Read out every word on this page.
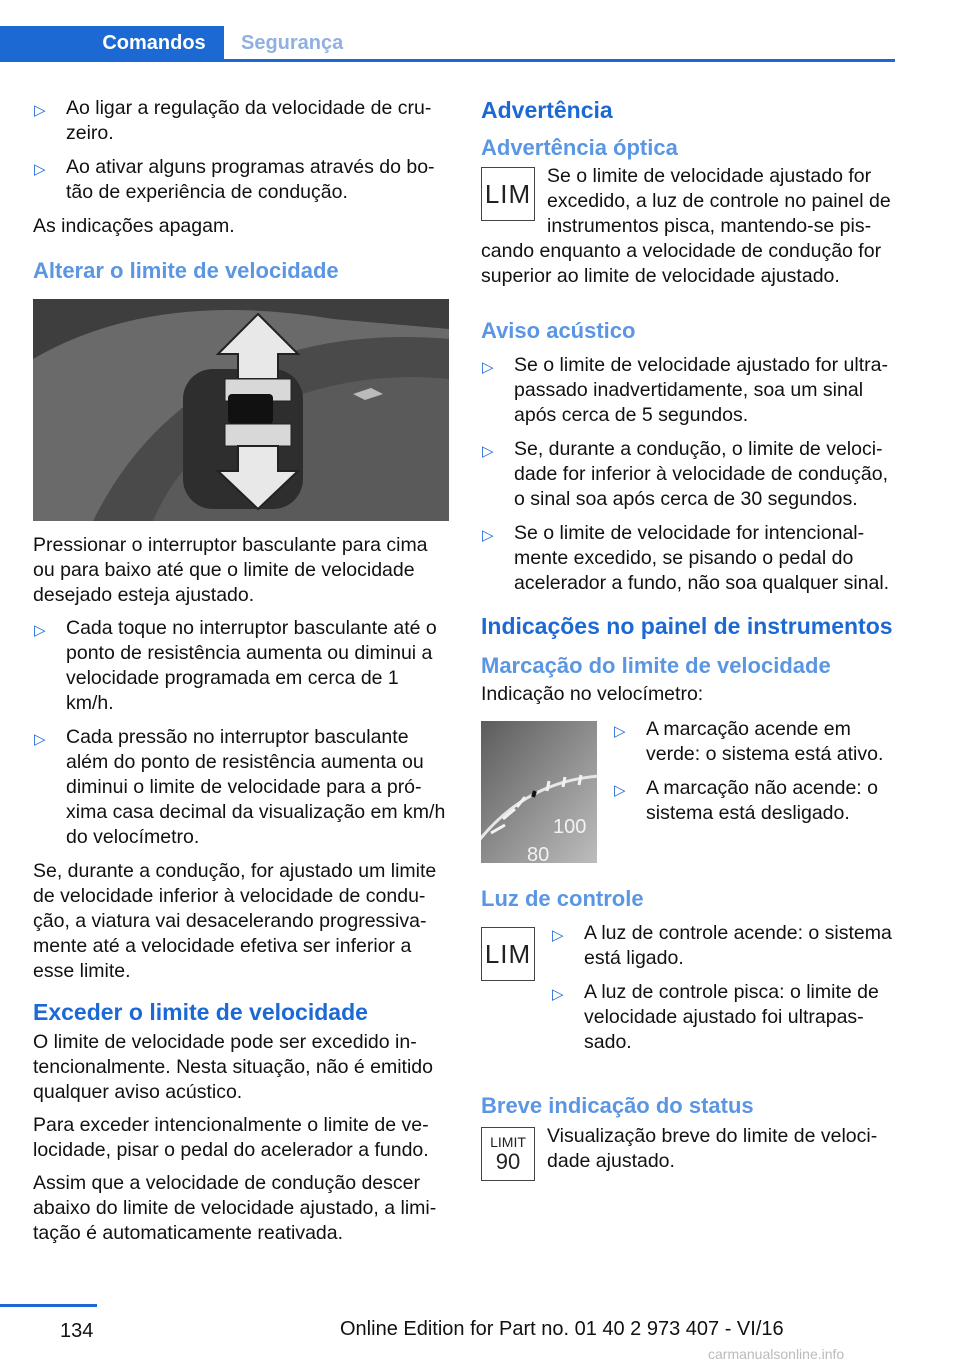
Comandos Segurança
▷ Ao ligar a regulação da velocidade de cru-zeiro.
▷ Ao ativar alguns programas através do bo-tão de experiência de condução.

As indicações apagam.

Alterar o limite de velocidade

Pressionar o interruptor basculante para cima ou para baixo até que o limite de velocidade desejado esteja ajustado.

▷ Cada toque no interruptor basculante até o ponto de resistência aumenta ou diminui a velocidade programada em cerca de 1 km/h.
▷ Cada pressão no interruptor basculante além do ponto de resistência aumenta ou diminui o limite de velocidade para a pró-xima casa decimal da visualização em km/h do velocímetro.

Se, durante a condução, for ajustado um limite de velocidade inferior à velocidade de condu-ção, a viatura vai desacelerando progressiva-mente até a velocidade efetiva ser inferior a esse limite.

Exceder o limite de velocidade

O limite de velocidade pode ser excedido in-tencionalmente. Nesta situação, não é emitido qualquer aviso acústico.

Para exceder intencionalmente o limite de ve-locidade, pisar o pedal do acelerador a fundo.

Assim que a velocidade de condução descer abaixo do limite de velocidade ajustado, a limi-tação é automaticamente reativada.

Advertência
Advertência óptica
LIM

Se o limite de velocidade ajustado for excedido, a luz de controle no painel de instrumentos pisca, mantendo-se pis-cando enquanto a velocidade de condução for superior ao limite de velocidade ajustado.

Aviso acústico
▷ Se o limite de velocidade ajustado for ultra-passado inadvertidamente, soa um sinal após cerca de 5 segundos.
▷ Se, durante a condução, o limite de veloci-dade for inferior à velocidade de condução, o sinal soa após cerca de 30 segundos.
▷ Se o limite de velocidade for intencional-mente excedido, se pisando o pedal do acelerador a fundo, não soa qualquer sinal.
Indicações no painel de instrumentos
Marcação do limite de velocidade

Indicação no velocímetro:

100
80
▷ A marcação acende em verde: o sistema está ativo.
▷ A marcação não acende: o sistema está desligado.
Luz de controle
LIM
▷ A luz de controle acende: o sistema está ligado.
▷ A luz de controle pisca: o limite de velocidade ajustado foi ultrapas-sado.
Breve indicação do status
LIMIT
90

Visualização breve do limite de veloci-dade ajustado.

134	Online Edition for Part no. 01 40 2 973 407 - VI/16
carmanualsonline.info
